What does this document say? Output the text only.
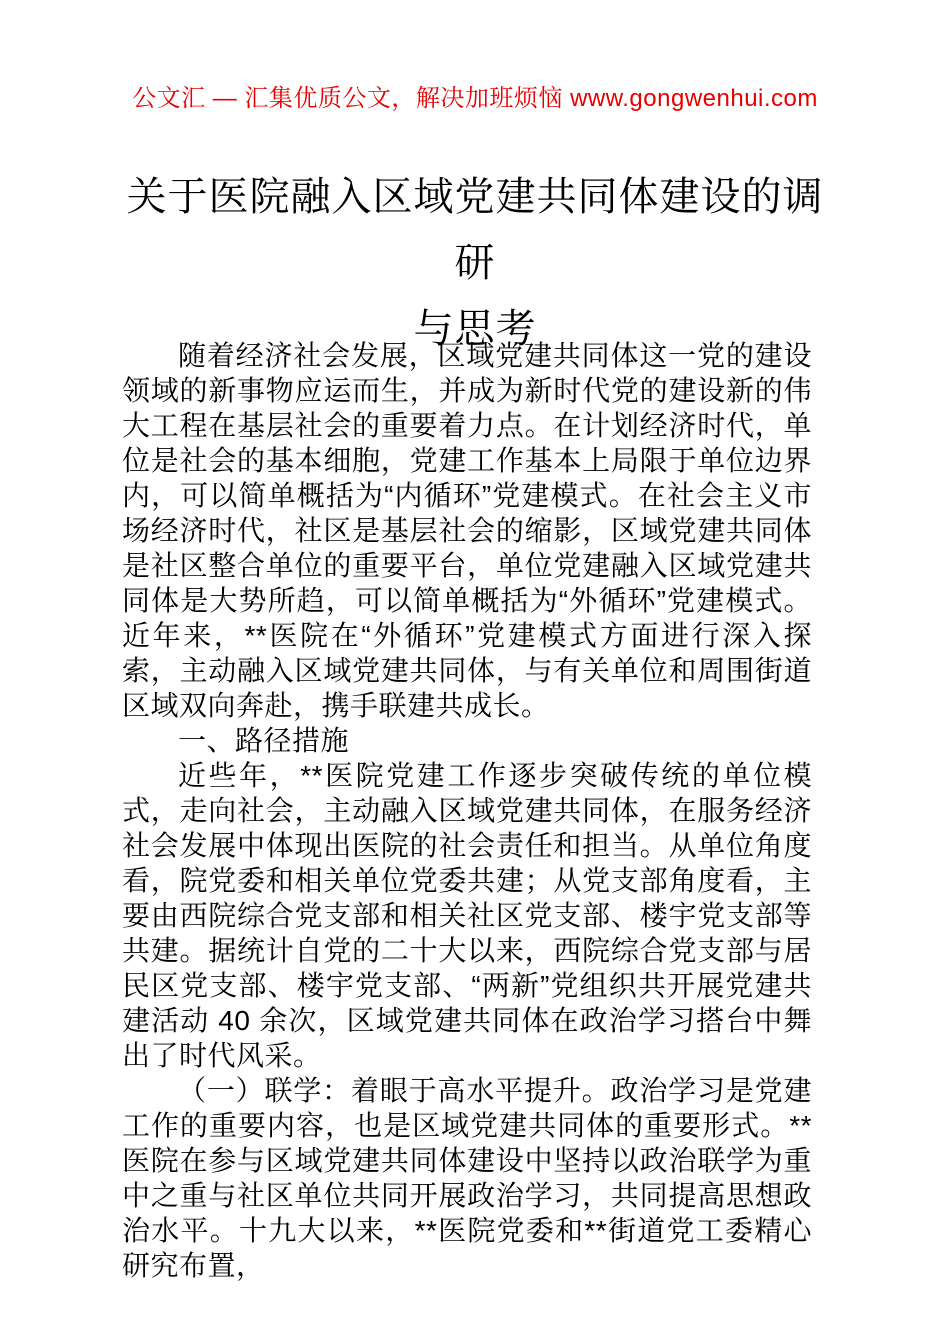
公文汇 — 汇集优质公文，解决加班烦恼 www.gongwenhui.com
关于医院融入区域党建共同体建设的调研
与思考

随着经济社会发展，区域党建共同体这一党的建设领域的新事物应运而生，并成为新时代党的建设新的伟大工程在基层社会的重要着力点。在计划经济时代，单位是社会的基本细胞，党建工作基本上局限于单位边界内，可以简单概括为“内循环”党建模式。在社会主义市场经济时代，社区是基层社会的缩影，区域党建共同体是社区整合单位的重要平台，单位党建融入区域党建共同体是大势所趋，可以简单概括为“外循环”党建模式。近年来，**医院在“外循环”党建模式方面进行深入探索，主动融入区域党建共同体，与有关单位和周围街道区域双向奔赴，携手联建共成长。

一、路径措施

近些年，**医院党建工作逐步突破传统的单位模式，走向社会，主动融入区域党建共同体，在服务经济社会发展中体现出医院的社会责任和担当。从单位角度看，院党委和相关单位党委共建；从党支部角度看，主要由西院综合党支部和相关社区党支部、楼宇党支部等共建。据统计自党的二十大以来，西院综合党支部与居民区党支部、楼宇党支部、“两新”党组织共开展党建共建活动 40 余次，区域党建共同体在政治学习搭台中舞出了时代风采。

（一）联学：着眼于高水平提升。政治学习是党建工作的重要内容，也是区域党建共同体的重要形式。**医院在参与区域党建共同体建设中坚持以政治联学为重中之重与社区单位共同开展政治学习，共同提高思想政治水平。十九大以来，**医院党委和**街道党工委精心研究布置，
